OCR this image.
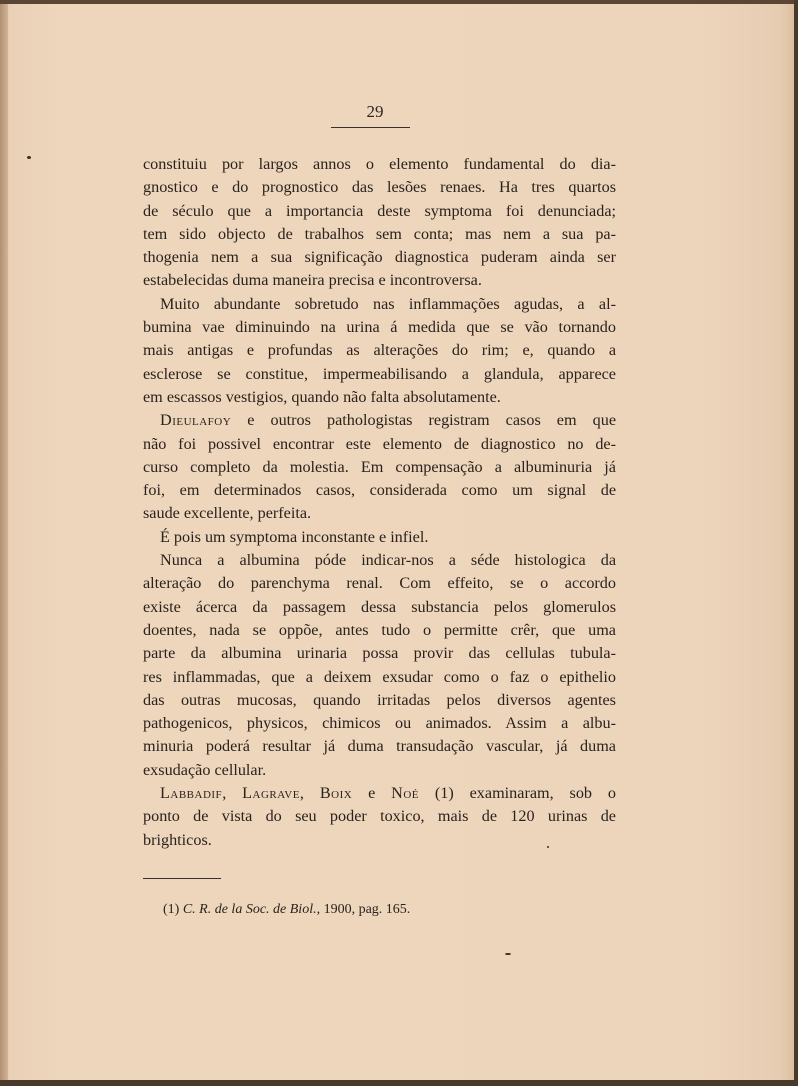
29
constituiu por largos annos o elemento fundamental do dia-
gnostico e do prognostico das lesões renaes. Ha tres quartos
de século que a importancia deste symptoma foi denunciada;
tem sido objecto de trabalhos sem conta; mas nem a sua pa-
thogenia nem a sua significação diagnostica puderam ainda ser
estabelecidas duma maneira precisa e incontroversa.
Muito abundante sobretudo nas inflammações agudas, a al-
bumina vae diminuindo na urina á medida que se vão tornando
mais antigas e profundas as alterações do rim; e, quando a
esclerose se constitue, impermeabilisando a glandula, apparece
em escassos vestigios, quando não falta absolutamente.
Dieulafoy e outros pathologistas registram casos em que
não foi possivel encontrar este elemento de diagnostico no de-
curso completo da molestia. Em compensação a albuminuria já
foi, em determinados casos, considerada como um signal de
saude excellente, perfeita.
É pois um symptoma inconstante e infiel.
Nunca a albumina póde indicar-nos a séde histologica da
alteração do parenchyma renal. Com effeito, se o accordo
existe ácerca da passagem dessa substancia pelos glomerulos
doentes, nada se oppõe, antes tudo o permitte crêr, que uma
parte da albumina urinaria possa provir das cellulas tubula-
res inflammadas, que a deixem exsudar como o faz o epithelio
das outras mucosas, quando irritadas pelos diversos agentes
pathogenicos, physicos, chimicos ou animados. Assim a albu-
minuria poderá resultar já duma transudação vascular, já duma
exsudação cellular.
Labbadif, Lagrave, Boix e Noé (1) examinaram, sob o
ponto de vista do seu poder toxico, mais de 120 urinas de
brighticos.
(1) C. R. de la Soc. de Biol., 1900, pag. 165.
